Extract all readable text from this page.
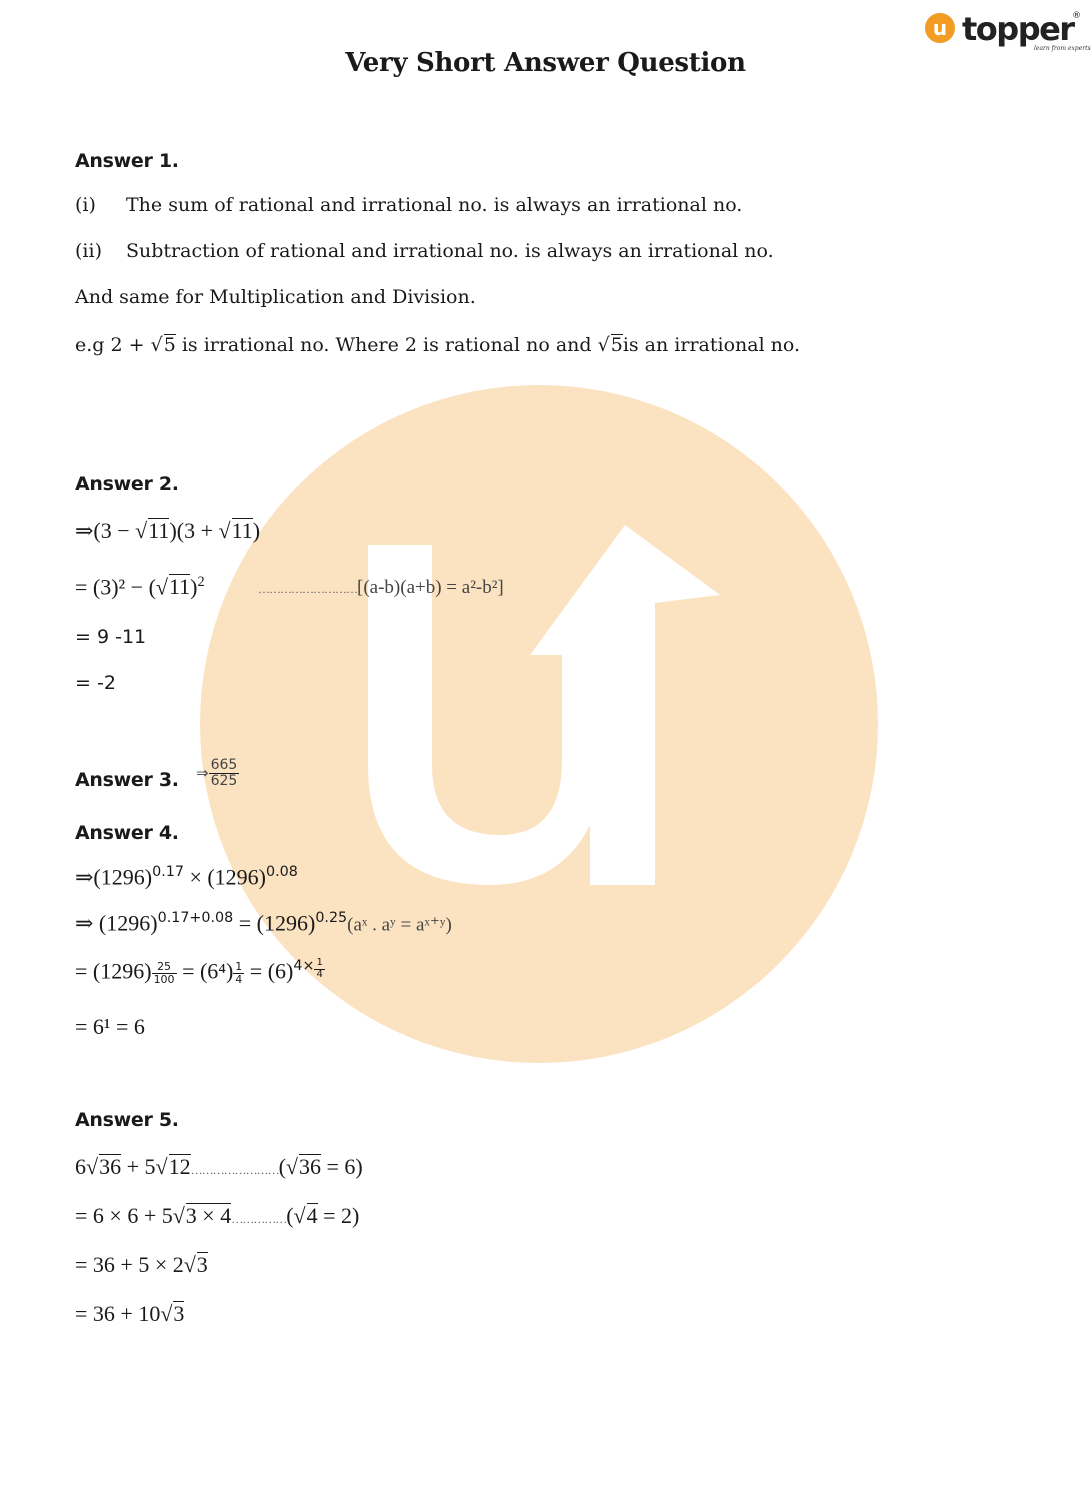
u topper
®
learn from experts
Very Short Answer Question
Answer 1.
(i) The sum of rational and irrational no. is always an irrational no.
(ii) Subtraction of rational and irrational no. is always an irrational no.
And same for Multiplication and Division.
e.g 2 + √5 is irrational no. Where 2 is rational no and √5is an irrational no.
Answer 2.
⇒(3 − √11)(3 + √11)
= $(3)^2 - (√11)^2$	………………………[(a-b)(a+b) = a²-b²]
= 9 -11
= -2
Answer 3. ⇒ $\frac{665}{625}$
Answer 4.
$\Rightarrow(1296)^{0.17} \times (1296)^{0.08}$
⇒ $(1296)^{0.17+0.08}$ = $(1296)^{0.25}(aˣ$ . aʸ = aˣ⁺ʸ)
= $(1296) \frac{25}{100} = (6^4) \frac{1}{4} = (6)^{4\times} \frac{1}{4}$
= 6¹ = 6
Answer 5.
6√36 + 5√12……………………(√36 = 6)
= 6 × 6 + 5√3 × 4……………(√4 = 2)
= 36 + 5 × 2√3
= 36 + 10√3
